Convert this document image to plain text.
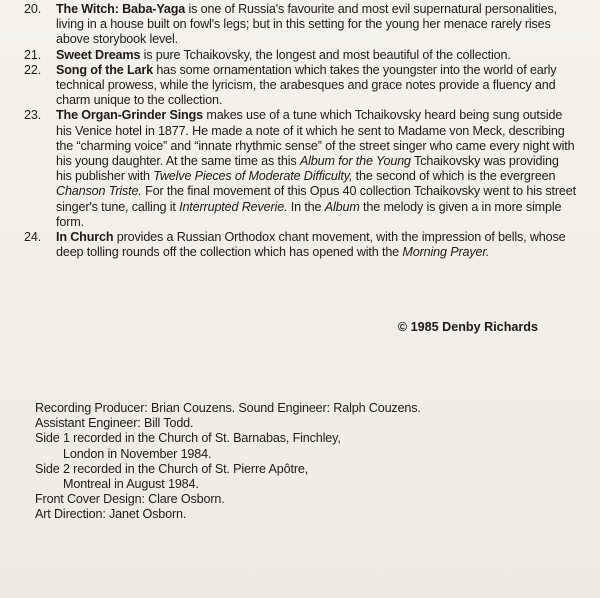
20.	The Witch: Baba-Yaga is one of Russia's favourite and most evil supernatural personalities, living in a house built on fowl's legs; but in this setting for the young her menace rarely rises above storybook level.
21.	Sweet Dreams is pure Tchaikovsky, the longest and most beautiful of the collection.
22.	Song of the Lark has some ornamentation which takes the youngster into the world of early technical prowess, while the lyricism, the arabesques and grace notes provide a fluency and charm unique to the collection.
23.	The Organ-Grinder Sings makes use of a tune which Tchaikovsky heard being sung outside his Venice hotel in 1877. He made a note of it which he sent to Madame von Meck, describing the “charming voice” and “innate rhythmic sense” of the street singer who came every night with his young daughter. At the same time as this Album for the Young Tchaikovsky was providing his publisher with Twelve Pieces of Moderate Difficulty, the second of which is the evergreen Chanson Triste. For the final movement of this Opus 40 collection Tchaikovsky went to his street singer's tune, calling it Interrupted Reverie. In the Album the melody is given a in more simple form.
24.	In Church provides a Russian Orthodox chant movement, with the impression of bells, whose deep tolling rounds off the collection which has opened with the Morning Prayer.
© 1985 Denby Richards
Recording Producer: Brian Couzens. Sound Engineer: Ralph Couzens.
Assistant Engineer: Bill Todd.
Side 1 recorded in the Church of St. Barnabas, Finchley,
London in November 1984.
Side 2 recorded in the Church of St. Pierre Apôtre,
Montreal in August 1984.
Front Cover Design: Clare Osborn.
Art Direction: Janet Osborn.
